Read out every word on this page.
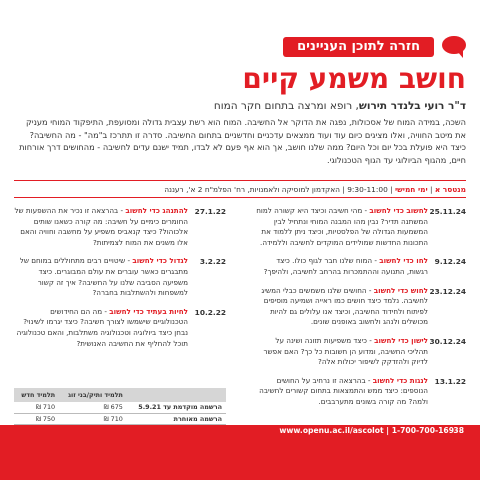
חזרה לתוכן העניינים
חושב משמע קיים
ד"ר רועי בלנדר תירוש, רופא ומרצה בתחום חקר המוח

השכה, במידה המוח של אסכולות, נפגה את הדוקר אל החשיבה. המוח הוא רשת עצבית גדולה ומסועפת, התיפקוד המוחי מעניק את מיטב החוויה, ואלו מציגים כיום עוד ועוד ממצאים עדכניים וחדשניים בתחום החשיבה. סדרה זו תתרכז ב"מה" - מה החשיבה? כיצד היא פועלת בכל יום וכל היום? ממה שלנו חושב, אך הוא אף פעם לא לבדו, תמיד ישנם עדים לחשיבה - מהחושים דרך אורחות חיים, מהגוף הביולוגי עד הגוף הטכנולוגי.

מנטסר א | ימי חמישי | 9:30-11:00 | האקדמון למוסיקה ולאמנויות, רח' הפלמ"ח 2 א', רעננה
25.11.24
לחשוב כדי לחשוב - מהי חשיבה וכיצד היא קשורה למוח המשתנה תדיר? נבין מהו המבנה המוחי ונתחיל לבין המשמעות הגדולה של הפלסטיות, וכיצד ניתן ללמוד את התכונות החדשות שמולידים המוקדים לחשיבה וללמידה.
9.12.24
לחו כדי לחשוב - המוח שלנו חבר לגוף כולו. כיצד רגשות, התנועה וההתמכרות בהרחב לחשיבה, ולהיפך?
23.12.24
לחוש כדי לחשוב - החושים שלנו משמשים כבלי המשיג לחשיבה. נלמד כיצד חושים כמו ראייה ושמיעה מוסיפים לפיתוח ולחידוד החשיבה, וכיצד אנו עלולים גם להיות מכושלים ולנהג ולחשוב באופנים שונים.
30.12.24
לישון כדי לחשוב - כיצד משפיעות תזונה ושינה על תהליכי החשיבה, ומדוע הן חשובות כל כך? האם אפשר לדיוק ולהזדקק לשיפור יכולות אלה?
13.1.22
לנגות כדי לחשוב - בהרצאה זו נרחיב על החושים הנוספים: כיצד ממש והתמצאות בתחום קשורים לחשיבה ולמה? מה קורה בשונים מתערבבים.
27.1.22
להתנהג כדי לחשוב - בהרצאה זו נכיר את ההשפעות של החומרים כימיים על חשיבה: מה קורה כשאנו שותים אלכוהול? כיצד קנאביס משפיע על מחשבה וחוויה והאם אלו משנים את המוח לצמיתות?
3.2.22
לגדול כדי לחשוב - שיטויים רבים מתחוללים במוחם של מתבגרים כאשר עוברים את עולם המבוגרים. כיצד משפיעה הסביבה שלנו על החשיבה? איך זה קשור למשפחות ולהשתלבות בחברה?
10.2.22
לחיות בעתיד כדי לחשוב - מה הם החידושים הטכנולוגיים שישמשו לצורך חשיבה? כיצד יגרמו לשינוי? נבחן כיצד ביולוגיה וטכנולוגיה משתלבות, והאם טכנולוגיה תוכל להחליף את החשיבה האנושית?
	תלמיד ותיק/בני זוג	תלמיד חדש
הרשמה מוקדמת עד 5.9.21	675 ₪	710 ₪
הרשמה מאוחרת	710 ₪	750 ₪
www.openu.ac.il/ascolot | 1-700-700-169 38
